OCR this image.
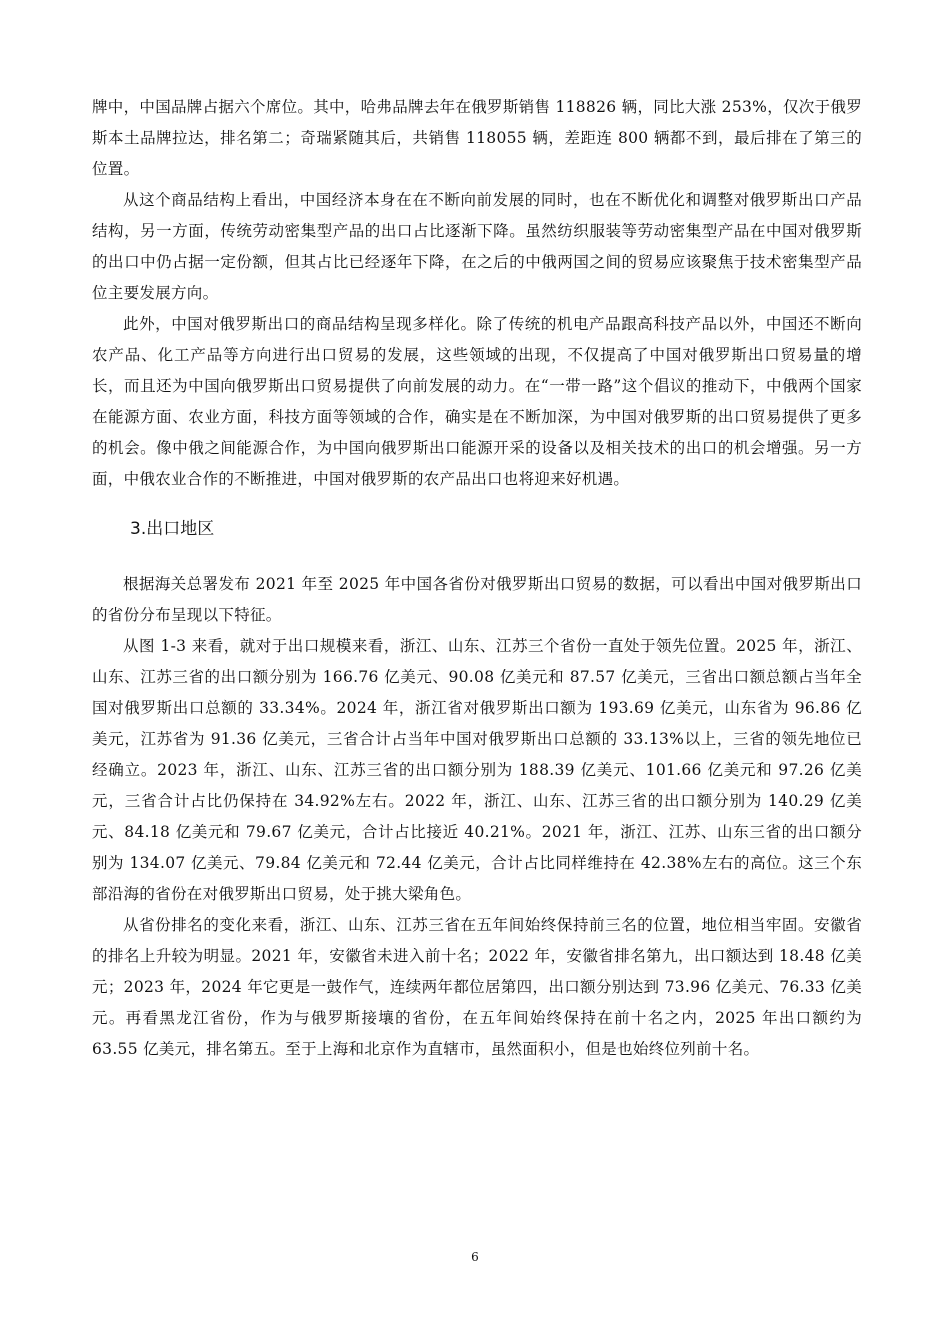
牌中，中国品牌占据六个席位。其中，哈弗品牌去年在俄罗斯销售 118826 辆，同比大涨 253%，仅次于俄罗斯本土品牌拉达，排名第二；奇瑞紧随其后，共销售 118055 辆，差距连 800 辆都不到，最后排在了第三的位置。

从这个商品结构上看出，中国经济本身在在不断向前发展的同时，也在不断优化和调整对俄罗斯出口产品结构，另一方面，传统劳动密集型产品的出口占比逐渐下降。虽然纺织服装等劳动密集型产品在中国对俄罗斯的出口中仍占据一定份额，但其占比已经逐年下降，在之后的中俄两国之间的贸易应该聚焦于技术密集型产品位主要发展方向。

此外，中国对俄罗斯出口的商品结构呈现多样化。除了传统的机电产品跟高科技产品以外，中国还不断向农产品、化工产品等方向进行出口贸易的发展，这些领域的出现，不仅提高了中国对俄罗斯出口贸易量的增长，而且还为中国向俄罗斯出口贸易提供了向前发展的动力。在“一带一路”这个倡议的推动下，中俄两个国家在能源方面、农业方面，科技方面等领域的合作，确实是在不断加深，为中国对俄罗斯的出口贸易提供了更多的机会。像中俄之间能源合作，为中国向俄罗斯出口能源开采的设备以及相关技术的出口的机会增强。另一方面，中俄农业合作的不断推进，中国对俄罗斯的农产品出口也将迎来好机遇。

3.出口地区

根据海关总署发布 2021 年至 2025 年中国各省份对俄罗斯出口贸易的数据，可以看出中国对俄罗斯出口的省份分布呈现以下特征。

从图 1-3 来看，就对于出口规模来看，浙江、山东、江苏三个省份一直处于领先位置。2025 年，浙江、山东、江苏三省的出口额分别为 166.76 亿美元、90.08 亿美元和 87.57 亿美元，三省出口额总额占当年全国对俄罗斯出口总额的 33.34%。2024 年，浙江省对俄罗斯出口额为 193.69 亿美元，山东省为 96.86 亿美元，江苏省为 91.36 亿美元，三省合计占当年中国对俄罗斯出口总额的 33.13%以上，三省的领先地位已经确立。2023 年，浙江、山东、江苏三省的出口额分别为 188.39 亿美元、101.66 亿美元和 97.26 亿美元，三省合计占比仍保持在 34.92%左右。2022 年，浙江、山东、江苏三省的出口额分别为 140.29 亿美元、84.18 亿美元和 79.67 亿美元，合计占比接近 40.21%。2021 年，浙江、江苏、山东三省的出口额分别为 134.07 亿美元、79.84 亿美元和 72.44 亿美元，合计占比同样维持在 42.38%左右的高位。这三个东部沿海的省份在对俄罗斯出口贸易，处于挑大梁角色。

从省份排名的变化来看，浙江、山东、江苏三省在五年间始终保持前三名的位置，地位相当牢固。安徽省的排名上升较为明显。2021 年，安徽省未进入前十名；2022 年，安徽省排名第九，出口额达到 18.48 亿美元；2023 年，2024 年它更是一鼓作气，连续两年都位居第四，出口额分别达到 73.96 亿美元、76.33 亿美元。再看黑龙江省份，作为与俄罗斯接壤的省份，在五年间始终保持在前十名之内，2025 年出口额约为 63.55 亿美元，排名第五。至于上海和北京作为直辖市，虽然面积小，但是也始终位列前十名。

6
